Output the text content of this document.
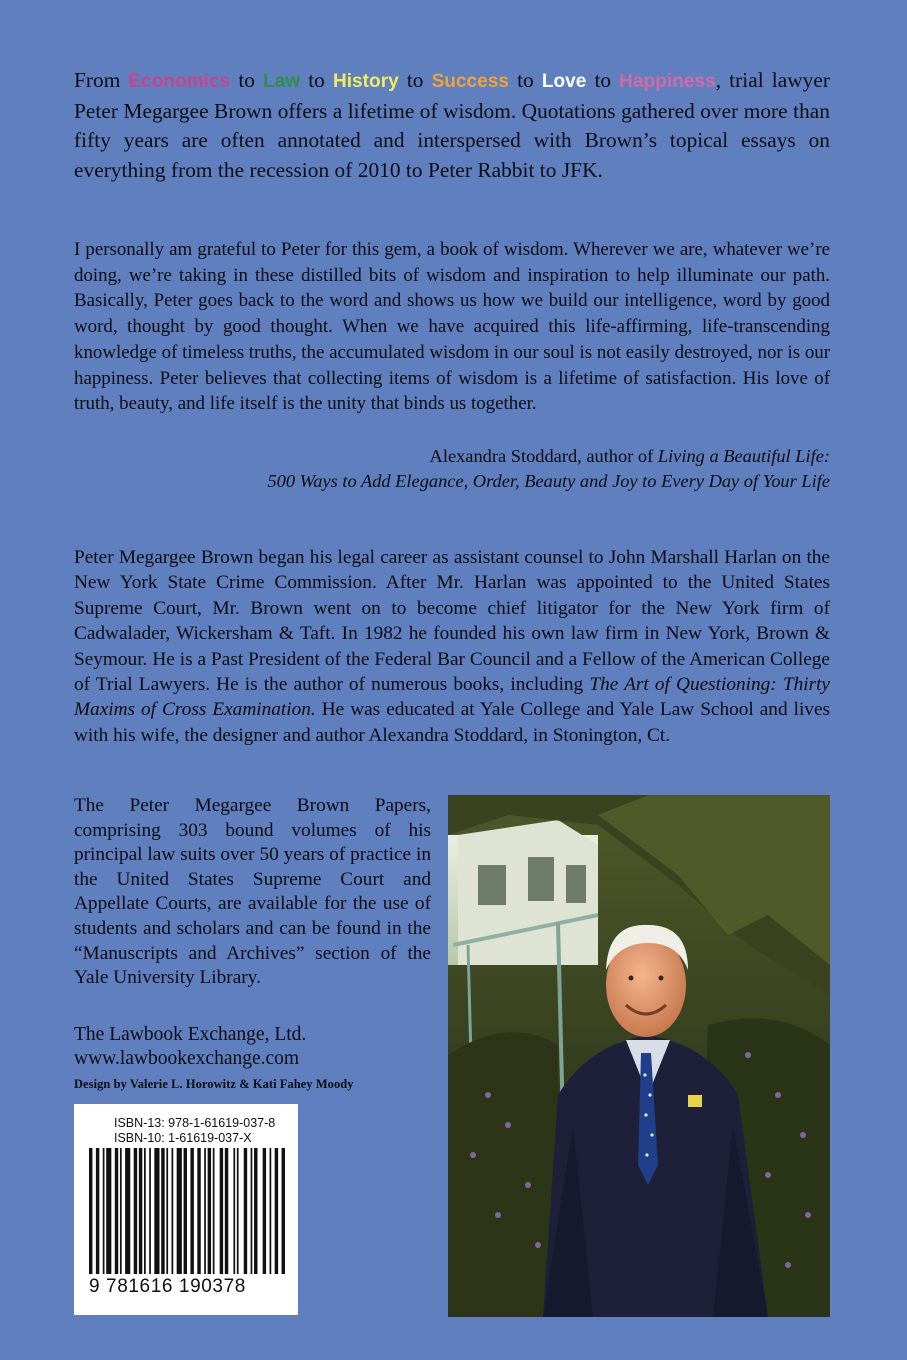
From Economics to Law to History to Success to Love to Happiness, trial lawyer Peter Megargee Brown offers a lifetime of wisdom. Quotations gathered over more than fifty years are often annotated and interspersed with Brown’s topical essays on everything from the recession of 2010 to Peter Rabbit to JFK.

I personally am grateful to Peter for this gem, a book of wisdom. Wherever we are, whatever we’re doing, we’re taking in these distilled bits of wisdom and inspiration to help illuminate our path. Basically, Peter goes back to the word and shows us how we build our intelligence, word by good word, thought by good thought. When we have acquired this life-affirming, life-transcending knowledge of timeless truths, the accumulated wisdom in our soul is not easily destroyed, nor is our happiness. Peter believes that collecting items of wisdom is a lifetime of satisfaction. His love of truth, beauty, and life itself is the unity that binds us together.

Alexandra Stoddard, author of Living a Beautiful Life:
500 Ways to Add Elegance, Order, Beauty and Joy to Every Day of Your Life

Peter Megargee Brown began his legal career as assistant counsel to John Marshall Harlan on the New York State Crime Commission. After Mr. Harlan was appointed to the United States Supreme Court, Mr. Brown went on to become chief litigator for the New York firm of Cadwalader, Wickersham & Taft. In 1982 he founded his own law firm in New York, Brown & Seymour. He is a Past President of the Federal Bar Council and a Fellow of the American College of Trial Lawyers. He is the author of numerous books, including The Art of Questioning: Thirty Maxims of Cross Examination. He was educated at Yale College and Yale Law School and lives with his wife, the designer and author Alexandra Stoddard, in Stonington, Ct.

The Peter Megargee Brown Papers, comprising 303 bound volumes of his principal law suits over 50 years of practice in the United States Supreme Court and Appellate Courts, are available for the use of students and scholars and can be found in the “Manuscripts and Archives” section of the Yale University Library.

The Lawbook Exchange, Ltd.
www.lawbookexchange.com
Design by Valerie L. Horowitz & Kati Fahey Moody
ISBN-13: 978-1-61619-037-8
ISBN-10: 1-61619-037-X
9 781616 190378
